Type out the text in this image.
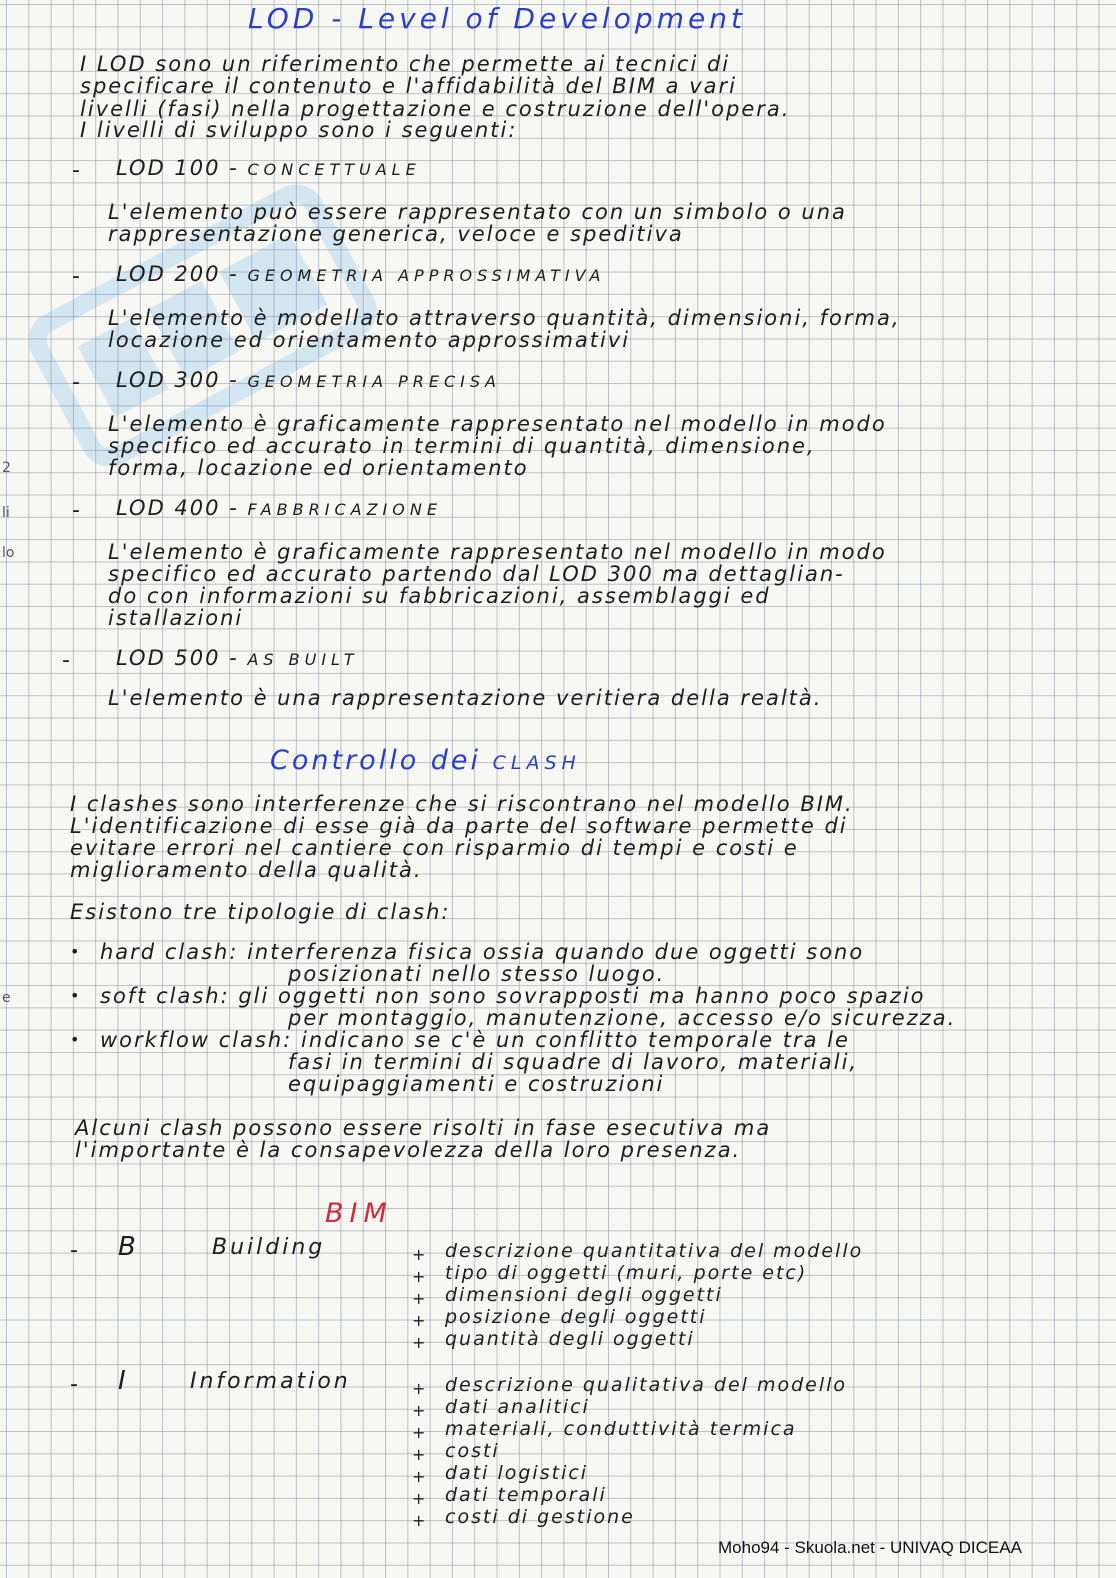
2
li
lo
e
LOD - Level of Development
I LOD sono un riferimento che permette ai tecnici di
specificare il contenuto e l'affidabilità del BIM a vari
livelli (fasi) nella progettazione e costruzione dell'opera.
I livelli di sviluppo sono i seguenti:
- LOD 100 - CONCETTUALE
L'elemento può essere rappresentato con un simbolo o una
rappresentazione generica, veloce e speditiva
- LOD 200 - GEOMETRIA APPROSSIMATIVA
L'elemento è modellato attraverso quantità, dimensioni, forma,
locazione ed orientamento approssimativi
- LOD 300 - GEOMETRIA PRECISA
L'elemento è graficamente rappresentato nel modello in modo
specifico ed accurato in termini di quantità, dimensione,
forma, locazione ed orientamento
- LOD 400 - FABBRICAZIONE
L'elemento è graficamente rappresentato nel modello in modo
specifico ed accurato partendo dal LOD 300 ma dettaglian-
do con informazioni su fabbricazioni, assemblaggi ed
istallazioni
- LOD 500 - AS BUILT
L'elemento è una rappresentazione veritiera della realtà.
Controllo dei CLASH
I clashes sono interferenze che si riscontrano nel modello BIM.
L'identificazione di esse già da parte del software permette di
evitare errori nel cantiere con risparmio di tempi e costi e
miglioramento della qualità.
Esistono tre tipologie di clash:
• hard clash: interferenza fisica ossia quando due oggetti sono
posizionati nello stesso luogo.
• soft clash: gli oggetti non sono sovrapposti ma hanno poco spazio
per montaggio, manutenzione, accesso e/o sicurezza.
• workflow clash: indicano se c'è un conflitto temporale tra le
fasi in termini di squadre di lavoro, materiali,
equipaggiamenti e costruzioni
Alcuni clash possono essere risolti in fase esecutiva ma
l'importante è la consapevolezza della loro presenza.
BIM
- B	Building	+ descrizione quantitativa del modello
+ tipo di oggetti (muri, porte etc)
+ dimensioni degli oggetti
+ posizione degli oggetti
+ quantità degli oggetti
- I	Information	+ descrizione qualitativa del modello
+ dati analitici
+ materiali, conduttività termica
+ costi
+ dati logistici
+ dati temporali
+ costi di gestione
Moho94 - Skuola.net - UNIVAQ DICEAA
